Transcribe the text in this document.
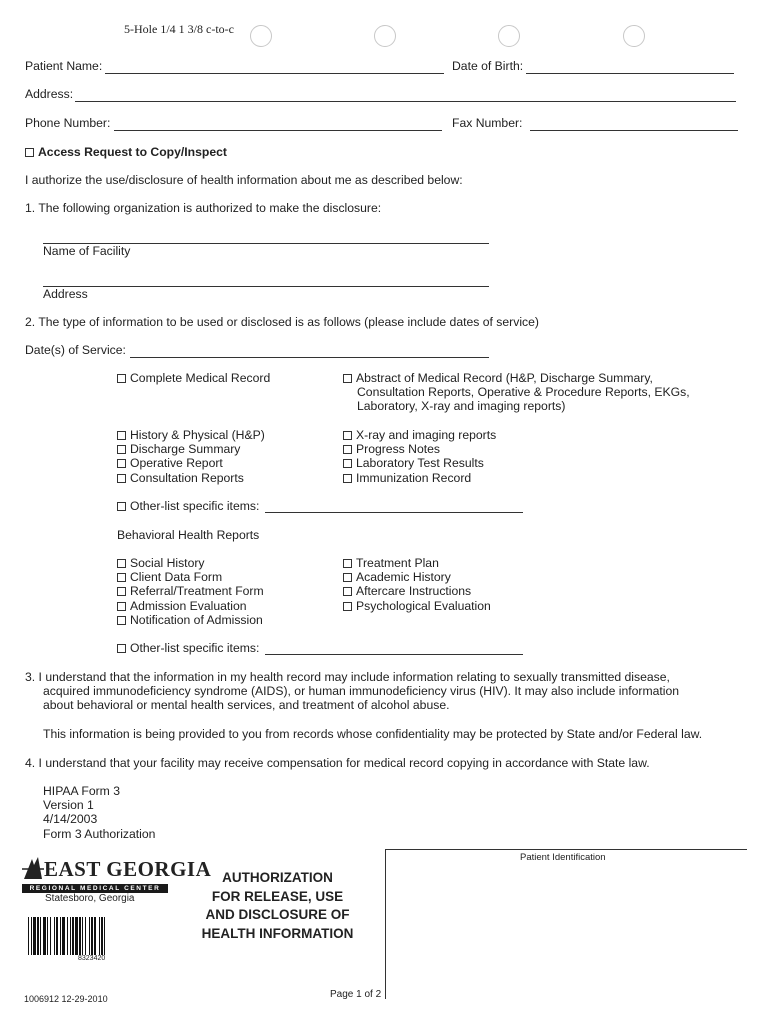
5-Hole 1/4 1 3/8 c-to-c
Patient Name:	Date of Birth:
Address:
Phone Number:	Fax Number:
Access Request to Copy/Inspect
I authorize the use/disclosure of health information about me as described below:
1. The following organization is authorized to make the disclosure:
Name of Facility
Address
2. The type of information to be used or disclosed is as follows (please include dates of service)
Date(s) of Service:
Complete Medical Record	Abstract of Medical Record (H&P, Discharge Summary,
Consultation Reports, Operative & Procedure Reports, EKGs,
Laboratory, X-ray and imaging reports)
History & Physical (H&P)
Discharge Summary
Operative Report
Consultation Reports
X-ray and imaging reports
Progress Notes
Laboratory Test Results
Immunization Record
Other-list specific items:
Behavioral Health Reports
Social History
Client Data Form
Referral/Treatment Form
Admission Evaluation
Notification of Admission
Treatment Plan
Academic History
Aftercare Instructions
Psychological Evaluation
Other-list specific items:
3. I understand that the information in my health record may include information relating to sexually transmitted disease,
acquired immunodeficiency syndrome (AIDS), or human immunodeficiency virus (HIV). It may also include information
about behavioral or mental health services, and treatment of alcohol abuse.
This information is being provided to you from records whose confidentiality may be protected by State and/or Federal law.
4. I understand that your facility may receive compensation for medical record copying in accordance with State law.
HIPAA Form 3
Version 1
4/14/2003
Form 3 Authorization
Patient Identification
EAST GEORGIA
REGIONAL MEDICAL CENTER
Statesboro, Georgia
8323420
AUTHORIZATION
FOR RELEASE, USE
AND DISCLOSURE OF
HEALTH INFORMATION
1006912 12-29-2010	Page 1 of 2
